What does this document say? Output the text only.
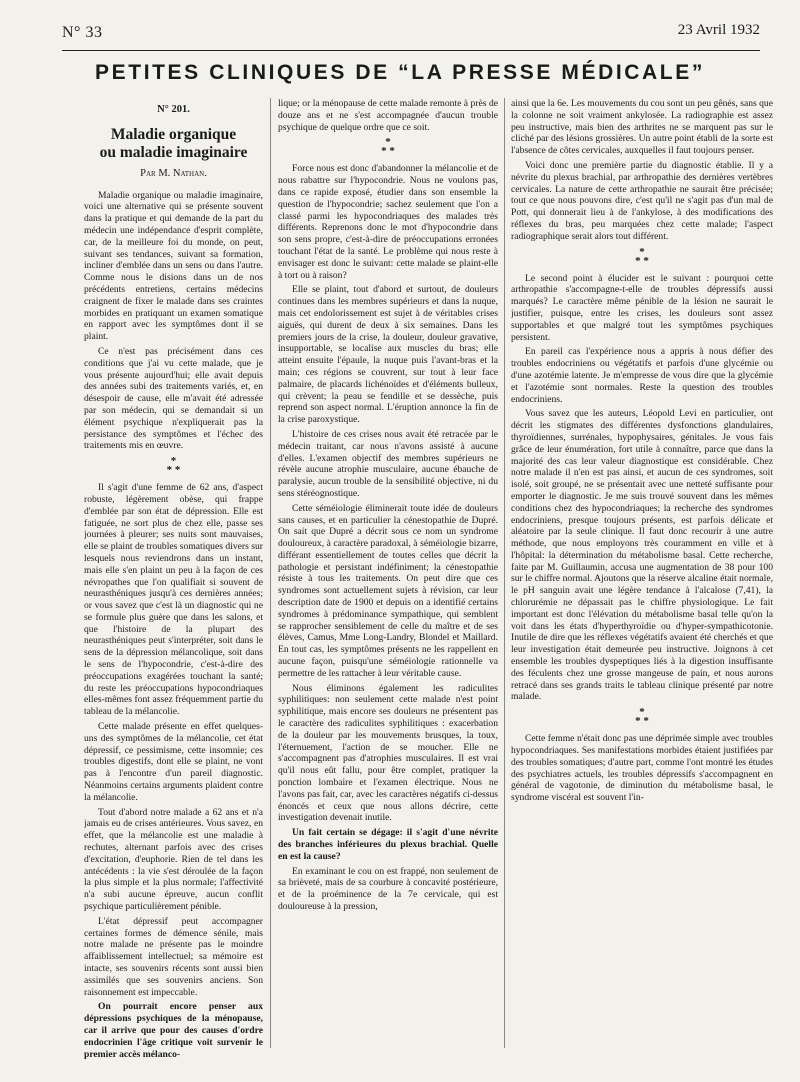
N° 33	23 Avril 1932
PETITES CLINIQUES DE “LA PRESSE MÉDICALE”
N° 201.
Maladie organique
ou maladie imaginaire
Par M. Nathan.

Maladie organique ou maladie imaginaire, voici une alternative qui se présente souvent dans la pratique et qui demande de la part du médecin une indépendance d'esprit complète, car, de la meilleure foi du monde, on peut, suivant ses tendances, suivant sa formation, incliner d'emblée dans un sens ou dans l'autre. Comme nous le disions dans un de nos précédents entretiens, certains médecins craignent de fixer le malade dans ses craintes morbides en pratiquant un examen somatique en rapport avec les symptômes dont il se plaint.

Ce n'est pas précisément dans ces conditions que j'ai vu cette malade, que je vous présente aujourd'hui; elle avait depuis des années subi des traitements variés, et, en désespoir de cause, elle m'avait été adressée par son médecin, qui se demandait si un élément psychique n'expliquerait pas la persistance des symptômes et l'échec des traitements mis en œuvre.

*
* *

Il s'agit d'une femme de 62 ans, d'aspect robuste, légèrement obèse, qui frappe d'emblée par son état de dépression. Elle est fatiguée, ne sort plus de chez elle, passe ses journées à pleurer; ses nuits sont mauvaises, elle se plaint de troubles somatiques divers sur lesquels nous reviendrons dans un instant, mais elle s'en plaint un peu à la façon de ces névropathes que l'on qualifiait si souvent de neurasthéniques jusqu'à ces dernières années; or vous savez que c'est là un diagnostic qui ne se formule plus guère que dans les salons, et que l'histoire de la plupart des neurasthéniques peut s'interpréter, soit dans le sens de la dépression mélancolique, soit dans le sens de l'hypocondrie, c'est-à-dire des préoccupations exagérées touchant la santé; du reste les préoccupations hypocondriaques elles-mêmes font assez fréquemment partie du tableau de la mélancolie.

Cette malade présente en effet quelques-uns des symptômes de la mélancolie, cet état dépressif, ce pessimisme, cette insomnie; ces troubles digestifs, dont elle se plaint, ne vont pas à l'encontre d'un pareil diagnostic. Néanmoins certains arguments plaident contre la mélancolie.

Tout d'abord notre malade a 62 ans et n'a jamais eu de crises antérieures. Vous savez, en effet, que la mélancolie est une maladie à rechutes, alternant parfois avec des crises d'excitation, d'euphorie. Rien de tel dans les antécédents : la vie s'est déroulée de la façon la plus simple et la plus normale; l'affectivité n'a subi aucune épreuve, aucun conflit psychique particulièrement pénible.

L'état dépressif peut accompagner certaines formes de démence sénile, mais notre malade ne présente pas le moindre affaiblissement intellectuel; sa mémoire est intacte, ses souvenirs récents sont aussi bien assimilés que ses souvenirs anciens. Son raisonnement est impeccable.

On pourrait encore penser aux dépressions psychiques de la ménopause, car il arrive que pour des causes d'ordre endocrinien l'âge critique voit survenir le premier accès mélanco-

lique; or la ménopause de cette malade remonte à près de douze ans et ne s'est accompagnée d'aucun trouble psychique de quelque ordre que ce soit.

*
* *

Force nous est donc d'abandonner la mélancolie et de nous rabattre sur l'hypocondrie. Nous ne voulons pas, dans ce rapide exposé, étudier dans son ensemble la question de l'hypocondrie; sachez seulement que l'on a classé parmi les hypocondriaques des malades très différents. Reprenons donc le mot d'hypocondrie dans son sens propre, c'est-à-dire de préoccupations erronées touchant l'état de la santé. Le problème qui nous reste à envisager est donc le suivant: cette malade se plaint-elle à tort ou à raison?

Elle se plaint, tout d'abord et surtout, de douleurs continues dans les membres supérieurs et dans la nuque, mais cet endolorissement est sujet à de véritables crises aiguës, qui durent de deux à six semaines. Dans les premiers jours de la crise, la douleur, douleur gravative, insupportable, se localise aux muscles du bras; elle atteint ensuite l'épaule, la nuque puis l'avant-bras et la main; ces régions se couvrent, sur tout à leur face palmaire, de placards lichénoïdes et d'éléments bulleux, qui crèvent; la peau se fendille et se dessèche, puis reprend son aspect normal. L'éruption annonce la fin de la crise paroxystique.

L'histoire de ces crises nous avait été retracée par le médecin traitant, car nous n'avons assisté à aucune d'elles. L'examen objectif des membres supérieurs ne révèle aucune atrophie musculaire, aucune ébauche de paralysie, aucun trouble de la sensibilité objective, ni du sens stéréognostique.

Cette séméiologie éliminerait toute idée de douleurs sans causes, et en particulier la cénestopathie de Dupré. On sait que Dupré a décrit sous ce nom un syndrome douloureux, à caractère paradoxal, à séméiologie bizarre, différant essentiellement de toutes celles que décrit la pathologie et persistant indéfiniment; la cénestopathie résiste à tous les traitements. On peut dire que ces syndromes sont actuellement sujets à révision, car leur description date de 1900 et depuis on a identifié certains syndromes à prédominance sympathique, qui semblent se rapprocher sensiblement de celle du maître et de ses élèves, Camus, Mme Long-Landry, Blondel et Maillard. En tout cas, les symptômes présents ne les rappellent en aucune façon, puisqu'une séméiologie rationnelle va permettre de les rattacher à leur véritable cause.

Nous éliminons également les radiculites syphilitiques: non seulement cette malade n'est point syphilitique, mais encore ses douleurs ne présentent pas le caractère des radiculites syphilitiques : exacerbation de la douleur par les mouvements brusques, la toux, l'éternuement, l'action de se moucher. Elle ne s'accompagnent pas d'atrophies musculaires. Il est vrai qu'il nous eût fallu, pour être complet, pratiquer la ponction lombaire et l'examen électrique. Nous ne l'avons pas fait, car, avec les caractères négatifs ci-dessus énoncés et ceux que nous allons décrire, cette investigation devenait inutile.

Un fait certain se dégage: il s'agit d'une névrite des branches inférieures du plexus brachial. Quelle en est la cause?

En examinant le cou on est frappé, non seulement de sa brièveté, mais de sa courbure à concavité postérieure, et de la proéminence de la 7e cervicale, qui est douloureuse à la pression,

ainsi que la 6e. Les mouvements du cou sont un peu gênés, sans que la colonne ne soit vraiment ankylosée. La radiographie est assez peu instructive, mais bien des arthrites ne se marquent pas sur le cliché par des lésions grossières. Un autre point établi de la sorte est l'absence de côtes cervicales, auxquelles il faut toujours penser.

Voici donc une première partie du diagnostic établie. Il y a névrite du plexus brachial, par arthropathie des dernières vertèbres cervicales. La nature de cette arthropathie ne saurait être précisée; tout ce que nous pouvons dire, c'est qu'il ne s'agit pas d'un mal de Pott, qui donnerait lieu à de l'ankylose, à des modifications des réflexes du bras, peu marquées chez cette malade; l'aspect radiographique serait alors tout différent.

*
* *

Le second point à élucider est le suivant : pourquoi cette arthropathie s'accompagne-t-elle de troubles dépressifs aussi marqués? Le caractère même pénible de la lésion ne saurait le justifier, puisque, entre les crises, les douleurs sont assez supportables et que malgré tout les symptômes psychiques persistent.

En pareil cas l'expérience nous a appris à nous défier des troubles endocriniens ou végétatifs et parfois d'une glycémie ou d'une azotémie latente. Je m'empresse de vous dire que la glycémie et l'azotémie sont normales. Reste la question des troubles endocriniens.

Vous savez que les auteurs, Léopold Levi en particulier, ont décrit les stigmates des différentes dysfonctions glandulaires, thyroïdiennes, surrénales, hypophysaires, génitales. Je vous fais grâce de leur énumération, fort utile à connaître, parce que dans la majorité des cas leur valeur diagnostique est considérable. Chez notre malade il n'en est pas ainsi, et aucun de ces syndromes, soit isolé, soit groupé, ne se présentait avec une netteté suffisante pour emporter le diagnostic. Je me suis trouvé souvent dans les mêmes conditions chez des hypocondriaques; la recherche des syndromes endocriniens, presque toujours présents, est parfois délicate et aléatoire par la seule clinique. Il faut donc recourir à une autre méthode, que nous employons très couramment en ville et à l'hôpital: la détermination du métabolisme basal. Cette recherche, faite par M. Guillaumin, accusa une augmentation de 38 pour 100 sur le chiffre normal. Ajoutons que la réserve alcaline était normale, le pH sanguin avait une légère tendance à l'alcalose (7,41), la chlorurémie ne dépassait pas le chiffre physiologique. Le fait important est donc l'élévation du métabolisme basal telle qu'on la voit dans les états d'hyperthyroïdie ou d'hyper-sympathicotonie. Inutile de dire que les réflexes végétatifs avaient été cherchés et que leur investigation était demeurée peu instructive. Joignons à cet ensemble les troubles dyspeptiques liés à la digestion insuffisante des féculents chez une grosse mangeuse de pain, et nous aurons retracé dans ses grands traits le tableau clinique présenté par notre malade.

*
* *

Cette femme n'était donc pas une déprimée simple avec troubles hypocondriaques. Ses manifestations morbides étaient justifiées par des troubles somatiques; d'autre part, comme l'ont montré les études des psychiatres actuels, les troubles dépressifs s'accompagnent en général de vagotonie, de diminution du métabolisme basal, le syndrome viscéral est souvent l'in-
